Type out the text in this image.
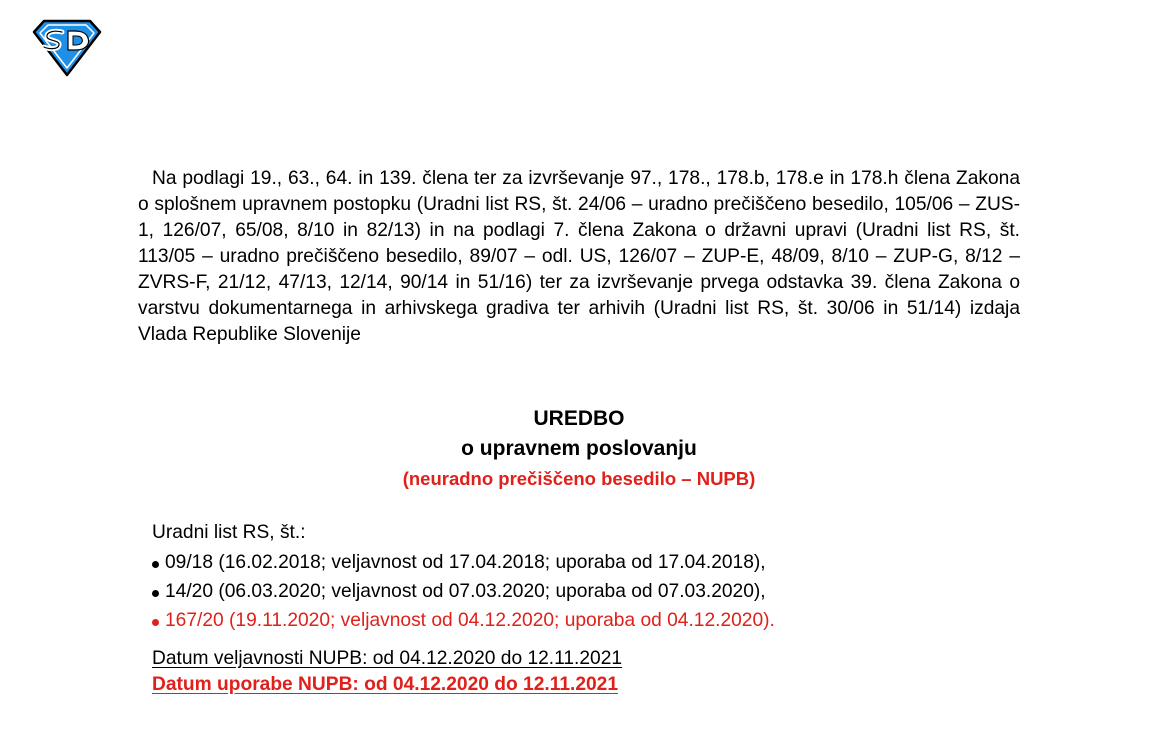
Na podlagi 19., 63., 64. in 139. člena ter za izvrševanje 97., 178., 178.b, 178.e in 178.h člena Zakona o splošnem upravnem postopku (Uradni list RS, št. 24/06 – uradno prečiščeno besedilo, 105/06 – ZUS-1, 126/07, 65/08, 8/10 in 82/13) in na podlagi 7. člena Zakona o državni upravi (Uradni list RS, št. 113/05 – uradno prečiščeno besedilo, 89/07 – odl. US, 126/07 – ZUP-E, 48/09, 8/10 – ZUP-G, 8/12 – ZVRS-F, 21/12, 47/13, 12/14, 90/14 in 51/16) ter za izvrševanje prvega odstavka 39. člena Zakona o varstvu dokumentarnega in arhivskega gradiva ter arhivih (Uradni list RS, št. 30/06 in 51/14) izdaja Vlada Republike Slovenije

UREDBO
o upravnem poslovanju
(neuradno prečiščeno besedilo – NUPB)
Uradni list RS, št.:
09/18 (16.02.2018; veljavnost od 17.04.2018; uporaba od 17.04.2018),
14/20 (06.03.2020; veljavnost od 07.03.2020; uporaba od 07.03.2020),
167/20 (19.11.2020; veljavnost od 04.12.2020; uporaba od 04.12.2020).
Datum veljavnosti NUPB: od 04.12.2020 do 12.11.2021
Datum uporabe NUPB: od 04.12.2020 do 12.11.2021
